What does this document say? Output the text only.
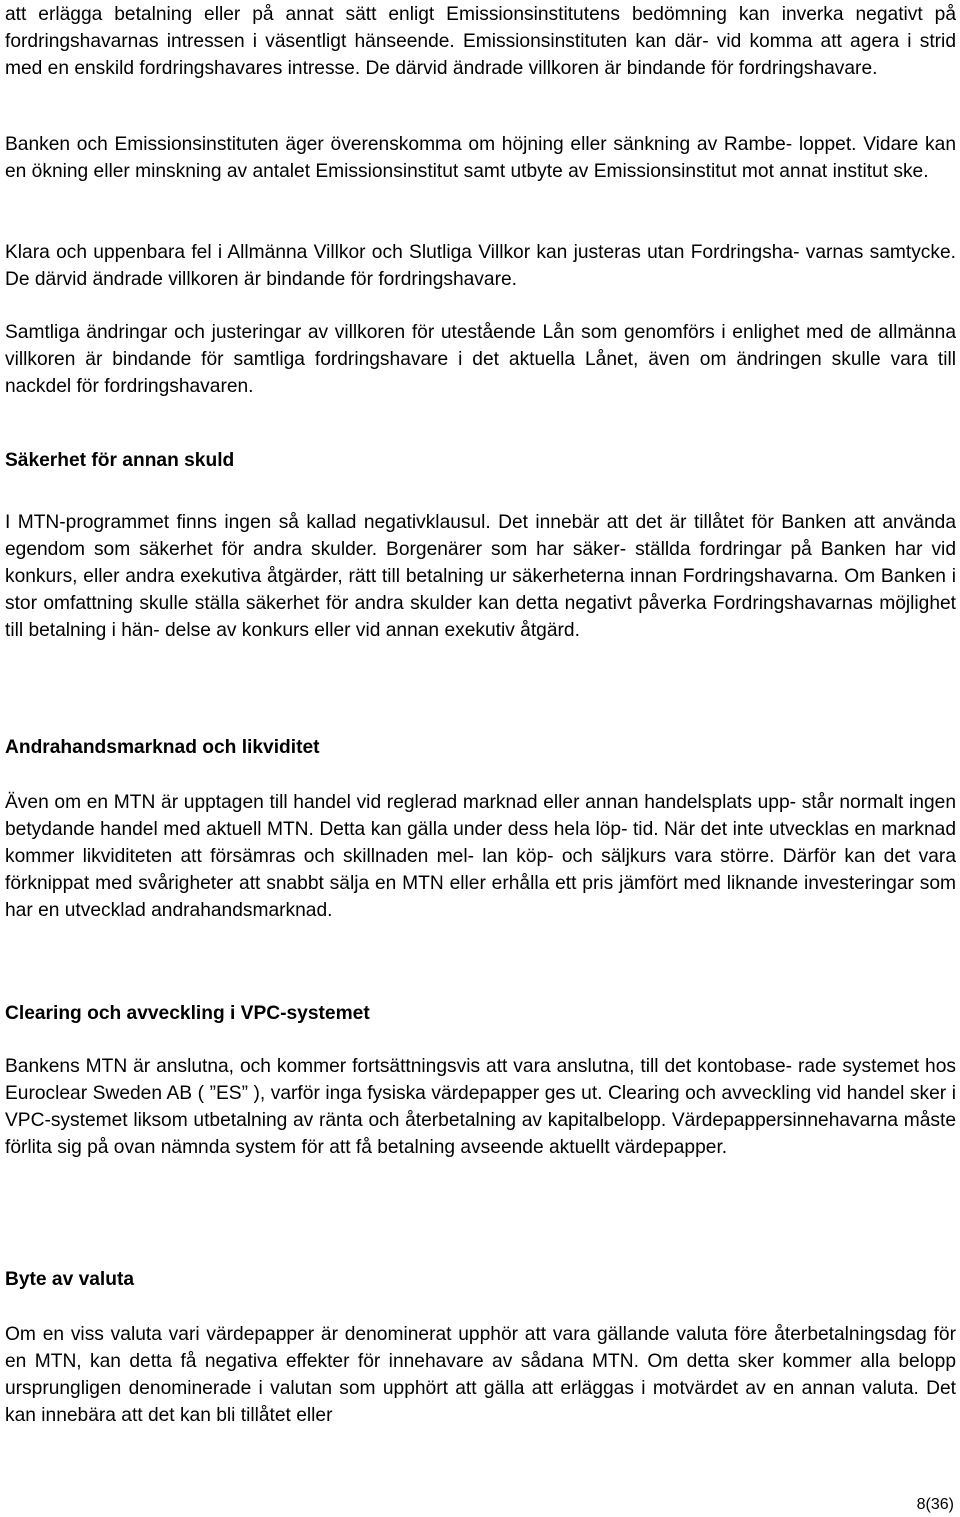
att erlägga betalning eller på annat sätt enligt Emissionsinstitutens bedömning kan inverka negativt på fordringshavarnas intressen i väsentligt hänseende. Emissionsinstituten kan där- vid komma att agera i strid med en enskild fordringshavares intresse. De därvid ändrade villkoren är bindande för fordringshavare.

Banken och Emissionsinstituten äger överenskomma om höjning eller sänkning av Rambe- loppet. Vidare kan en ökning eller minskning av antalet Emissionsinstitut samt utbyte av Emissionsinstitut mot annat institut ske.

Klara och uppenbara fel i Allmänna Villkor och Slutliga Villkor kan justeras utan Fordringsha- varnas samtycke. De därvid ändrade villkoren är bindande för fordringshavare.

Samtliga ändringar och justeringar av villkoren för utestående Lån som genomförs i enlighet med de allmänna villkoren är bindande för samtliga fordringshavare i det aktuella Lånet, även om ändringen skulle vara till nackdel för fordringshavaren.

Säkerhet för annan skuld

I MTN-programmet finns ingen så kallad negativklausul. Det innebär att det är tillåtet för Banken att använda egendom som säkerhet för andra skulder. Borgenärer som har säker- ställda fordringar på Banken har vid konkurs, eller andra exekutiva åtgärder, rätt till betalning ur säkerheterna innan Fordringshavarna. Om Banken i stor omfattning skulle ställa säkerhet för andra skulder kan detta negativt påverka Fordringshavarnas möjlighet till betalning i hän- delse av konkurs eller vid annan exekutiv åtgärd.

Andrahandsmarknad och likviditet

Även om en MTN är upptagen till handel vid reglerad marknad eller annan handelsplats upp- står normalt ingen betydande handel med aktuell MTN. Detta kan gälla under dess hela löp- tid. När det inte utvecklas en marknad kommer likviditeten att försämras och skillnaden mel- lan köp- och säljkurs vara större. Därför kan det vara förknippat med svårigheter att snabbt sälja en MTN eller erhålla ett pris jämfört med liknande investeringar som har en utvecklad andrahandsmarknad.

Clearing och avveckling i VPC-systemet

Bankens MTN är anslutna, och kommer fortsättningsvis att vara anslutna, till det kontobase- rade systemet hos Euroclear Sweden AB ( ”ES” ), varför inga fysiska värdepapper ges ut. Clearing och avveckling vid handel sker i VPC-systemet liksom utbetalning av ränta och återbetalning av kapitalbelopp. Värdepappersinnehavarna måste förlita sig på ovan nämnda system för att få betalning avseende aktuellt värdepapper.

Byte av valuta

Om en viss valuta vari värdepapper är denominerat upphör att vara gällande valuta före återbetalningsdag för en MTN, kan detta få negativa effekter för innehavare av sådana MTN. Om detta sker kommer alla belopp ursprungligen denominerade i valutan som upphört att gälla att erläggas i motvärdet av en annan valuta. Det kan innebära att det kan bli tillåtet eller

8(36)
